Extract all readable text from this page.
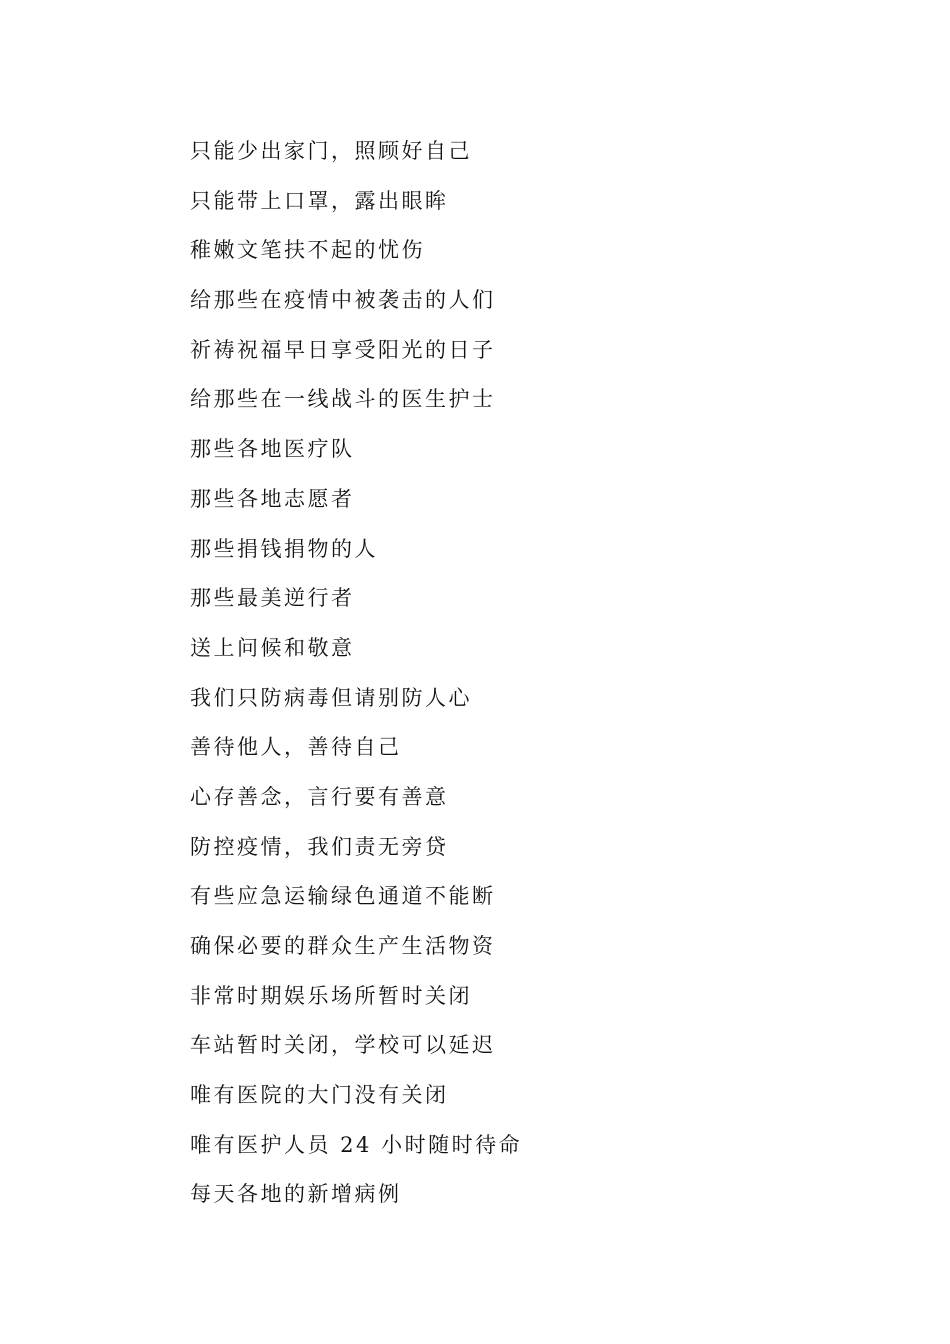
只能少出家门，照顾好自己
只能带上口罩，露出眼眸
稚嫩文笔扶不起的忧伤
给那些在疫情中被袭击的人们
祈祷祝福早日享受阳光的日子
给那些在一线战斗的医生护士
那些各地医疗队
那些各地志愿者
那些捐钱捐物的人
那些最美逆行者
送上问候和敬意
我们只防病毒但请别防人心
善待他人，善待自己
心存善念，言行要有善意
防控疫情，我们责无旁贷
有些应急运输绿色通道不能断
确保必要的群众生产生活物资
非常时期娱乐场所暂时关闭
车站暂时关闭，学校可以延迟
唯有医院的大门没有关闭
唯有医护人员 24 小时随时待命
每天各地的新增病例
